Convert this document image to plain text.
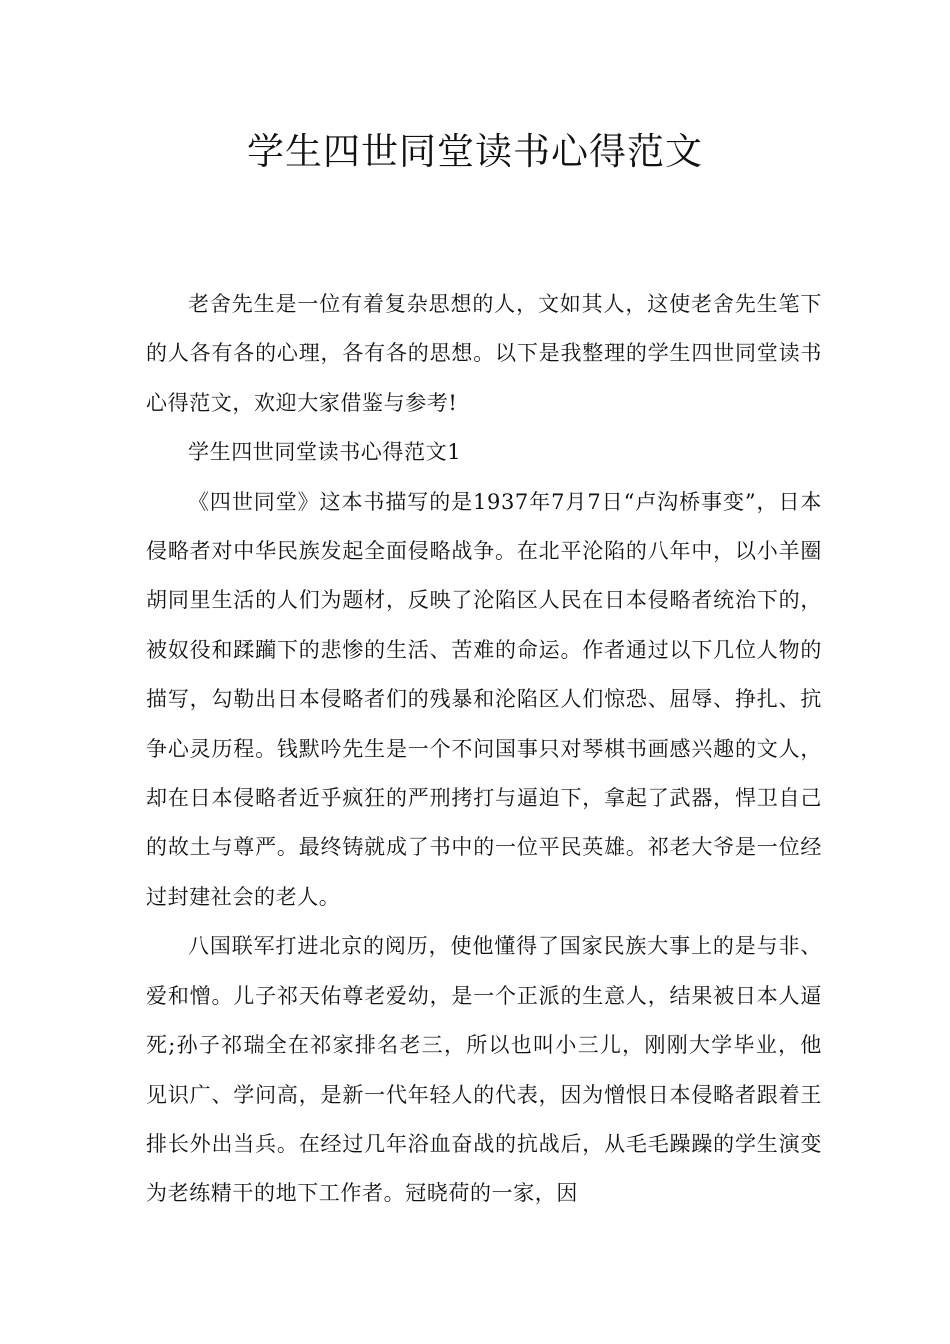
学生四世同堂读书心得范文

老舍先生是一位有着复杂思想的人，文如其人，这使老舍先生笔下的人各有各的心理，各有各的思想。以下是我整理的学生四世同堂读书心得范文，欢迎大家借鉴与参考!

学生四世同堂读书心得范文1

《四世同堂》这本书描写的是1937年7月7日“卢沟桥事变”，日本侵略者对中华民族发起全面侵略战争。在北平沦陷的八年中，以小羊圈胡同里生活的人们为题材，反映了沦陷区人民在日本侵略者统治下的，被奴役和蹂躏下的悲惨的生活、苦难的命运。作者通过以下几位人物的描写，勾勒出日本侵略者们的残暴和沦陷区人们惊恐、屈辱、挣扎、抗争心灵历程。钱默吟先生是一个不问国事只对琴棋书画感兴趣的文人，却在日本侵略者近乎疯狂的严刑拷打与逼迫下，拿起了武器，悍卫自己的故土与尊严。最终铸就成了书中的一位平民英雄。祁老大爷是一位经过封建社会的老人。

八国联军打进北京的阅历，使他懂得了国家民族大事上的是与非、爱和憎。儿子祁天佑尊老爱幼，是一个正派的生意人，结果被日本人逼死;孙子祁瑞全在祁家排名老三，所以也叫小三儿，刚刚大学毕业，他见识广、学问高，是新一代年轻人的代表，因为憎恨日本侵略者跟着王排长外出当兵。在经过几年浴血奋战的抗战后，从毛毛躁躁的学生演变为老练精干的地下工作者。冠晓荷的一家，因
